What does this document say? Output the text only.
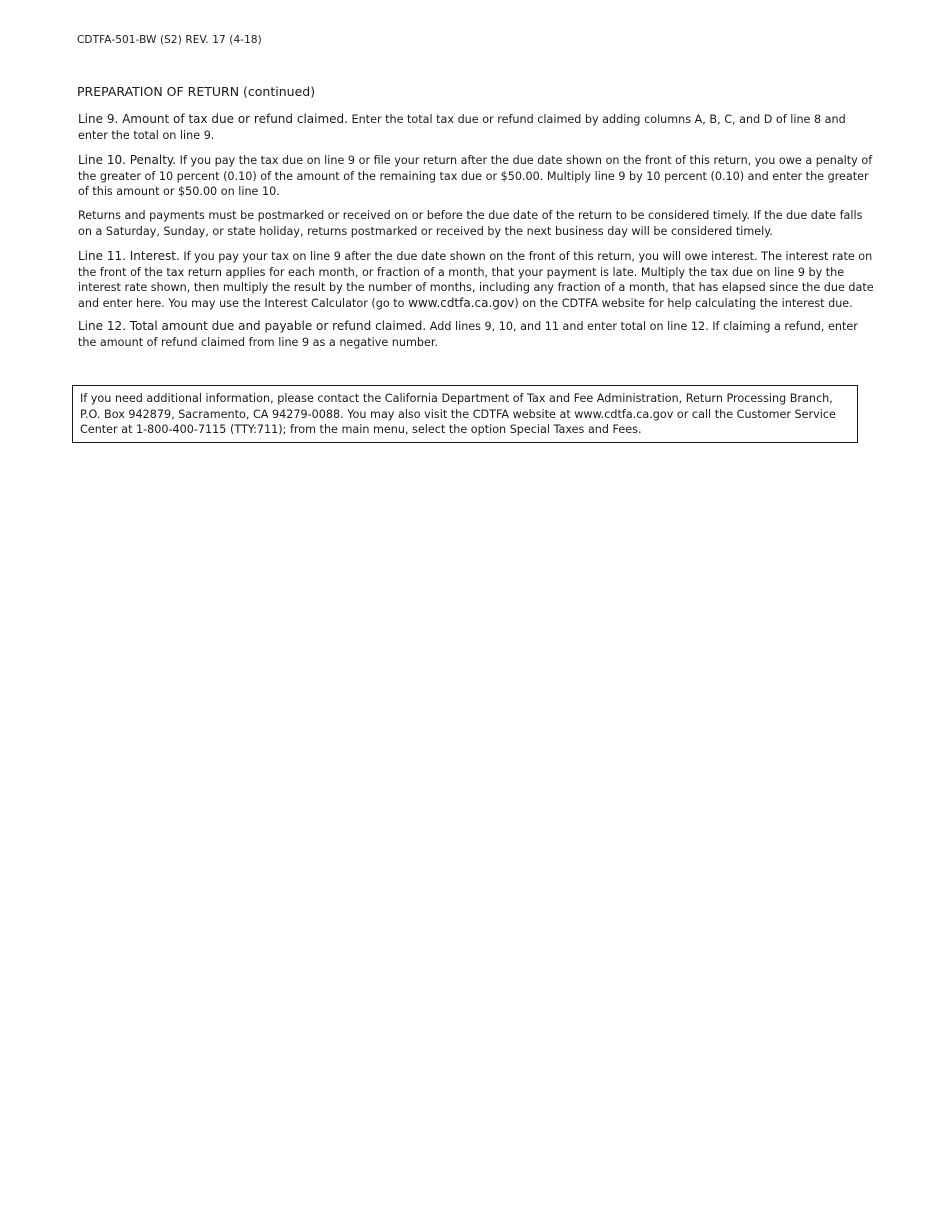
CDTFA-501-BW (S2) REV. 17 (4-18)
PREPARATION OF RETURN (continued)
Line 9. Amount of tax due or refund claimed. Enter the total tax due or refund claimed by adding columns A, B, C, and D of line 8 and enter the total on line 9.
Line 10. Penalty. If you pay the tax due on line 9 or file your return after the due date shown on the front of this return, you owe a penalty of the greater of 10 percent (0.10) of the amount of the remaining tax due or $50.00. Multiply line 9 by 10 percent (0.10) and enter the greater of this amount or $50.00 on line 10.
Returns and payments must be postmarked or received on or before the due date of the return to be considered timely. If the due date falls on a Saturday, Sunday, or state holiday, returns postmarked or received by the next business day will be considered timely.
Line 11. Interest. If you pay your tax on line 9 after the due date shown on the front of this return, you will owe interest. The interest rate on the front of the tax return applies for each month, or fraction of a month, that your payment is late. Multiply the tax due on line 9 by the interest rate shown, then multiply the result by the number of months, including any fraction of a month, that has elapsed since the due date and enter here. You may use the Interest Calculator (go to www.cdtfa.ca.gov) on the CDTFA website for help calculating the interest due.
Line 12. Total amount due and payable or refund claimed. Add lines 9, 10, and 11 and enter total on line 12. If claiming a refund, enter the amount of refund claimed from line 9 as a negative number.
If you need additional information, please contact the California Department of Tax and Fee Administration, Return Processing Branch, P.O. Box 942879, Sacramento, CA 94279-0088. You may also visit the CDTFA website at www.cdtfa.ca.gov or call the Customer Service Center at 1-800-400-7115 (TTY:711); from the main menu, select the option Special Taxes and Fees.
